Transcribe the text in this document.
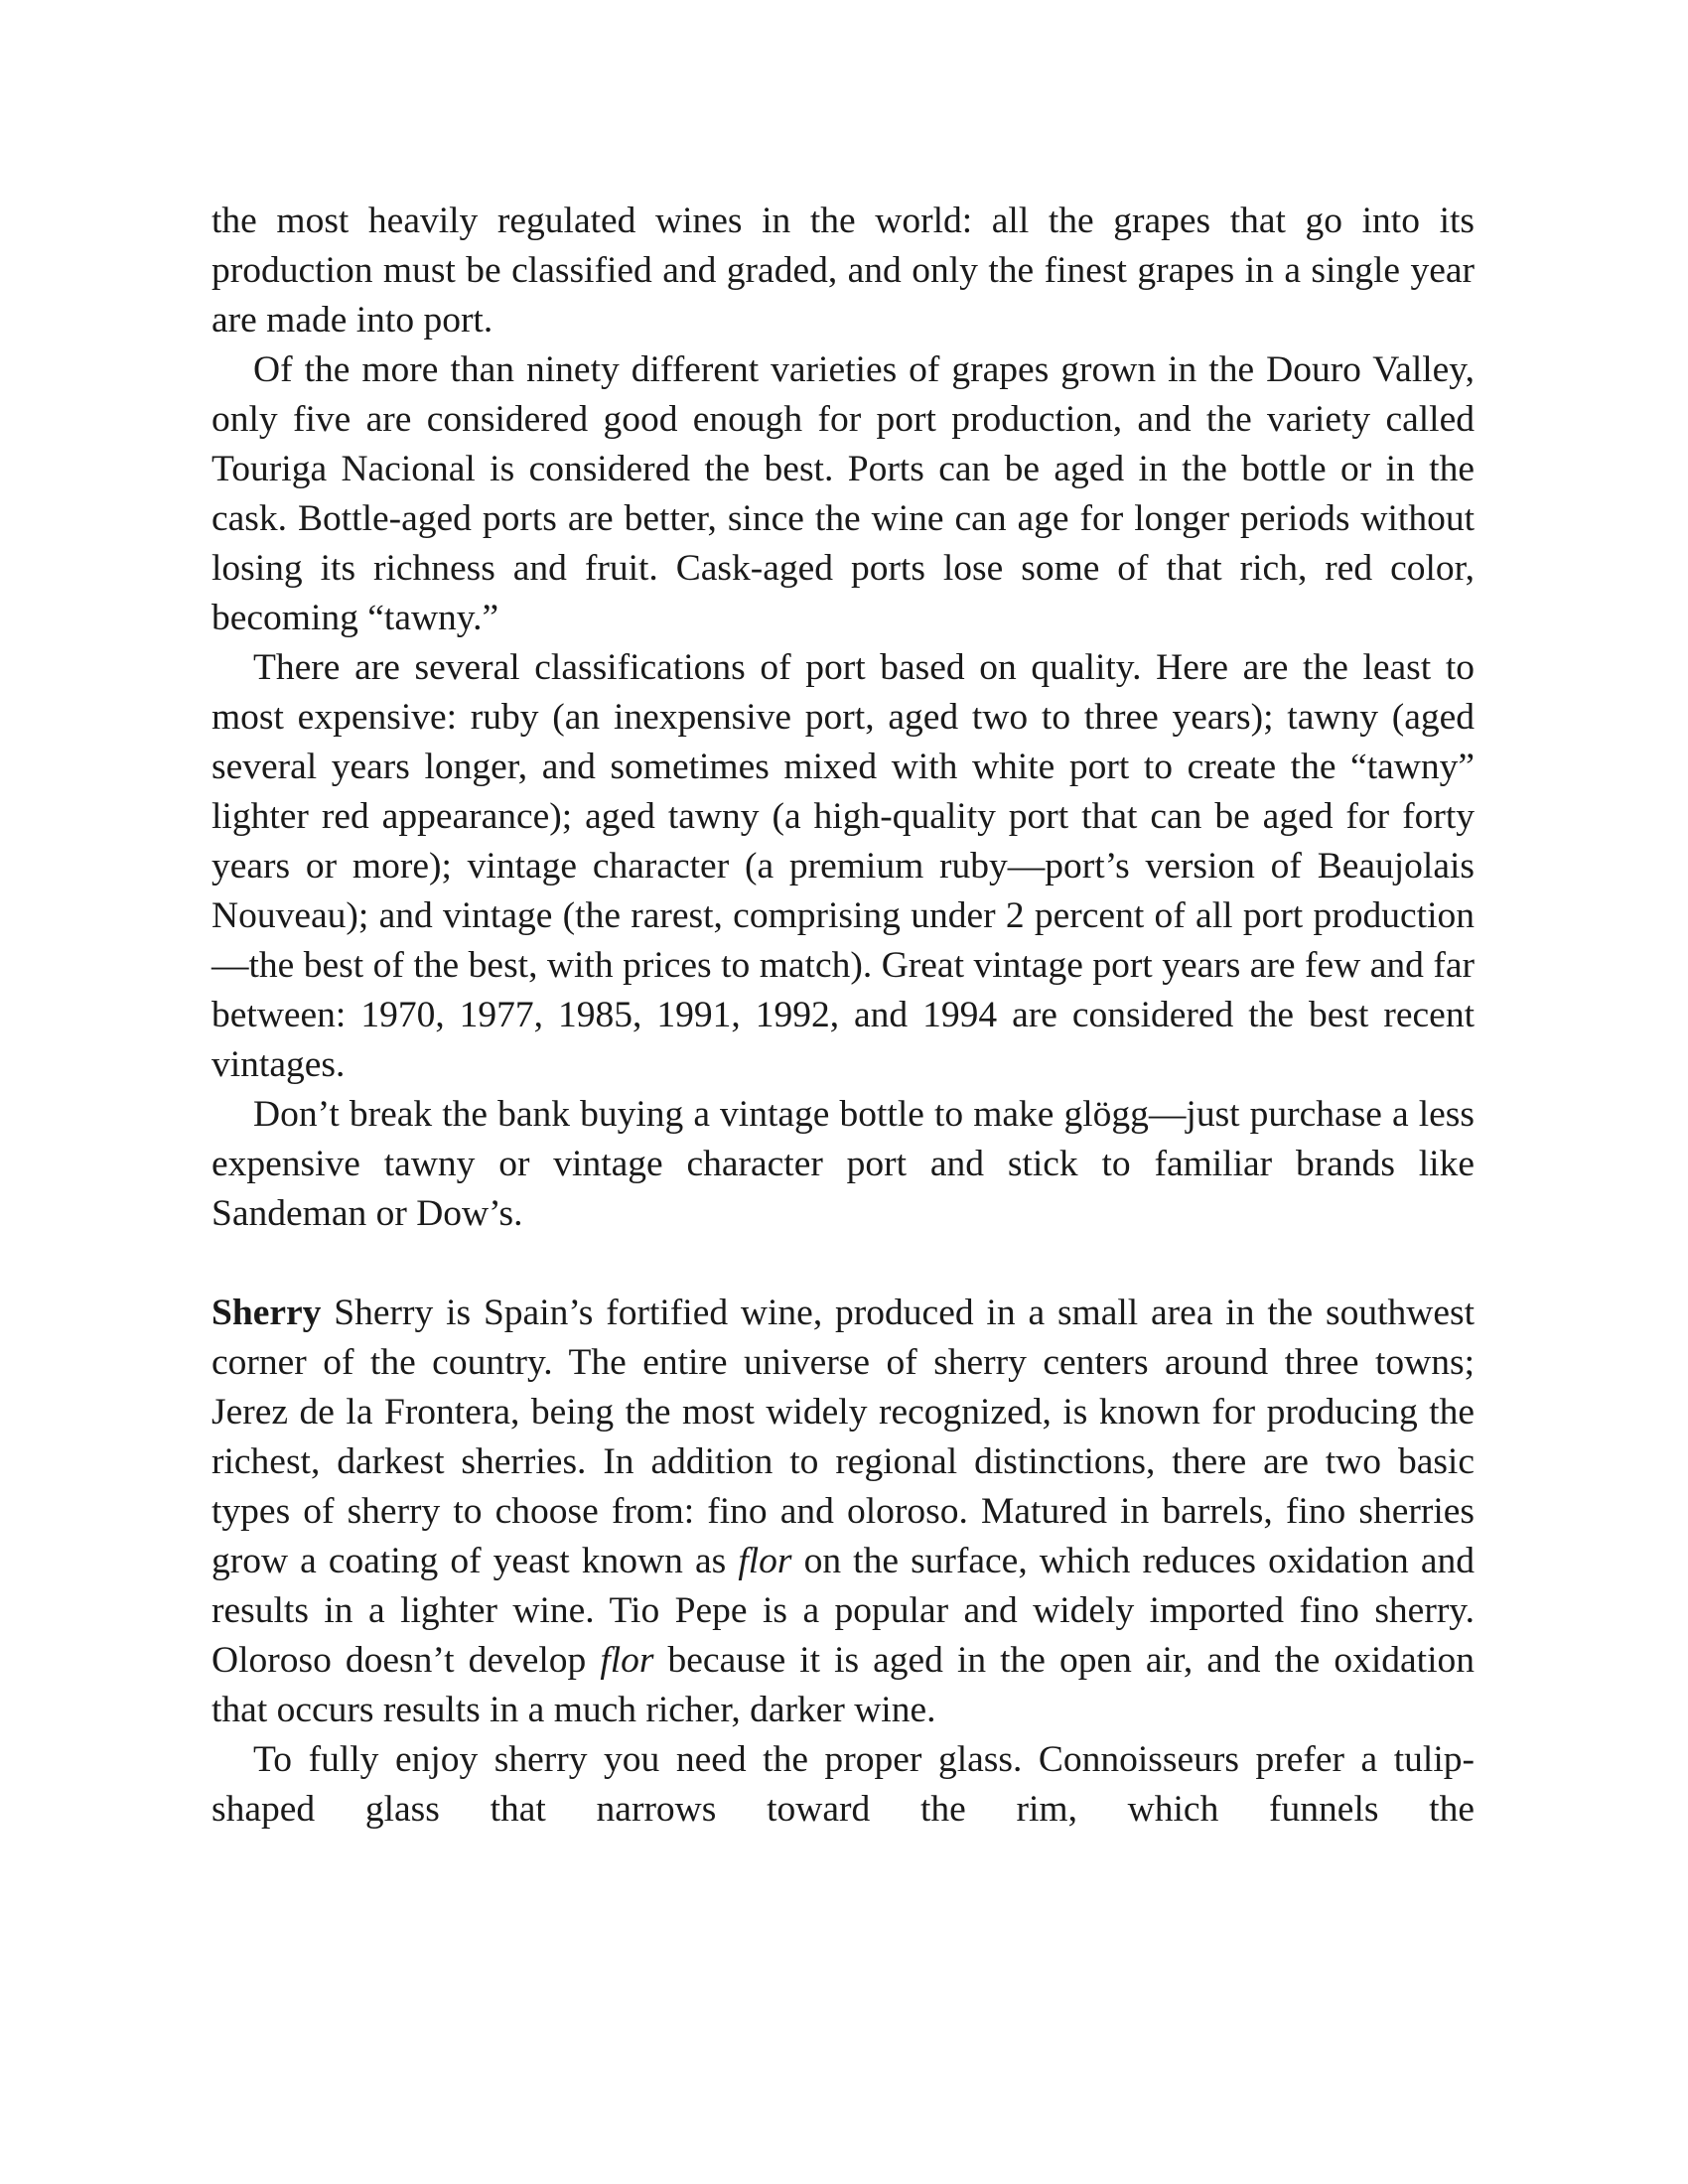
the most heavily regulated wines in the world: all the grapes that go into its production must be classified and graded, and only the finest grapes in a single year are made into port.

Of the more than ninety different varieties of grapes grown in the Douro Valley, only five are considered good enough for port production, and the variety called Touriga Nacional is considered the best. Ports can be aged in the bottle or in the cask. Bottle-aged ports are better, since the wine can age for longer periods without losing its richness and fruit. Cask-aged ports lose some of that rich, red color, becoming “tawny.”

There are several classifications of port based on quality. Here are the least to most expensive: ruby (an inexpensive port, aged two to three years); tawny (aged several years longer, and sometimes mixed with white port to create the “tawny” lighter red appearance); aged tawny (a high-quality port that can be aged for forty years or more); vintage character (a premium ruby—port’s version of Beaujolais Nouveau); and vintage (the rarest, comprising under 2 percent of all port production—the best of the best, with prices to match). Great vintage port years are few and far between: 1970, 1977, 1985, 1991, 1992, and 1994 are considered the best recent vintages.

Don’t break the bank buying a vintage bottle to make glögg—just purchase a less expensive tawny or vintage character port and stick to familiar brands like Sandeman or Dow’s.

Sherry Sherry is Spain’s fortified wine, produced in a small area in the southwest corner of the country. The entire universe of sherry centers around three towns; Jerez de la Frontera, being the most widely recognized, is known for producing the richest, darkest sherries. In addition to regional distinctions, there are two basic types of sherry to choose from: fino and oloroso. Matured in barrels, fino sherries grow a coating of yeast known as flor on the surface, which reduces oxidation and results in a lighter wine. Tio Pepe is a popular and widely imported fino sherry. Oloroso doesn’t develop flor because it is aged in the open air, and the oxidation that occurs results in a much richer, darker wine.

To fully enjoy sherry you need the proper glass. Connoisseurs prefer a tulip-shaped glass that narrows toward the rim, which funnels the
